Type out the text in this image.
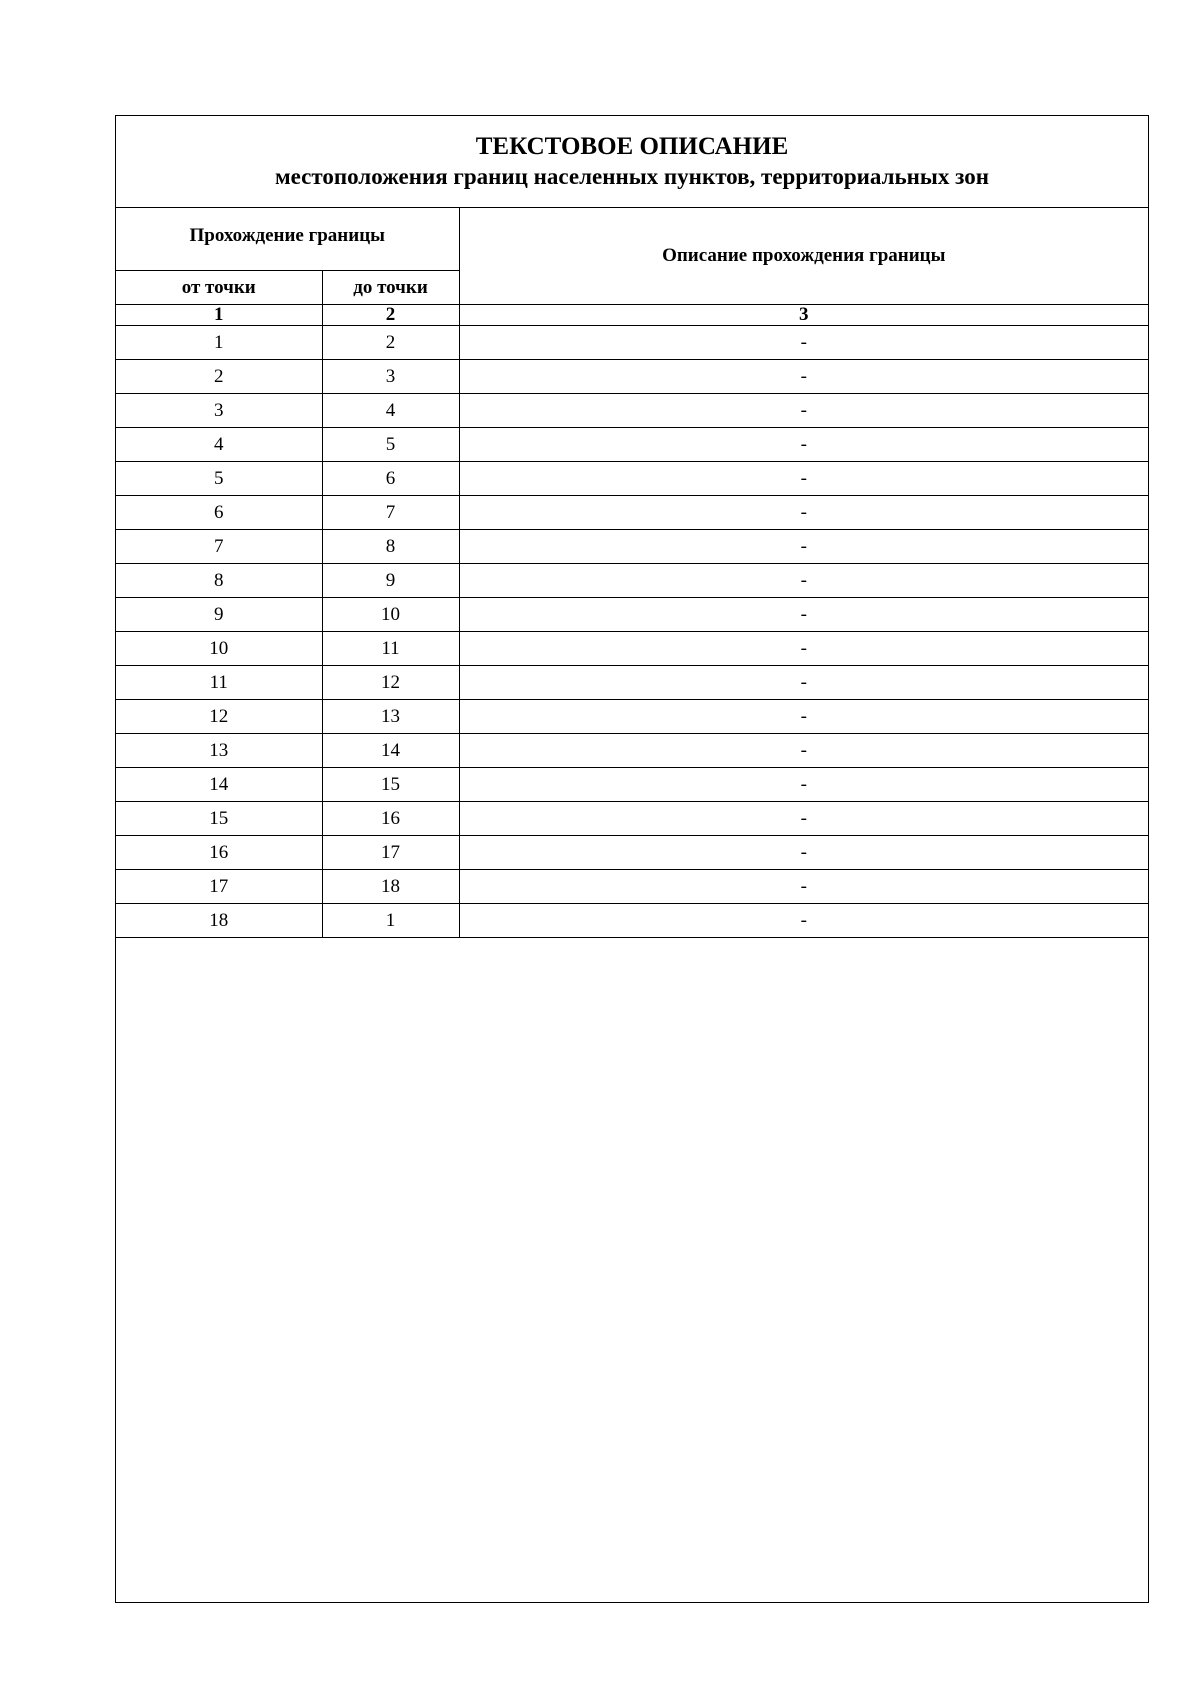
ТЕКСТОВОЕ ОПИСАНИЕ
местоположения границ населенных пунктов, территориальных зон
Прохождение границы		Описание прохождения границы
от точки	до точки	
1	2	3
1	2	-
2	3	-
3	4	-
4	5	-
5	6	-
6	7	-
7	8	-
8	9	-
9	10	-
10	11	-
11	12	-
12	13	-
13	14	-
14	15	-
15	16	-
16	17	-
17	18	-
18	1	-
